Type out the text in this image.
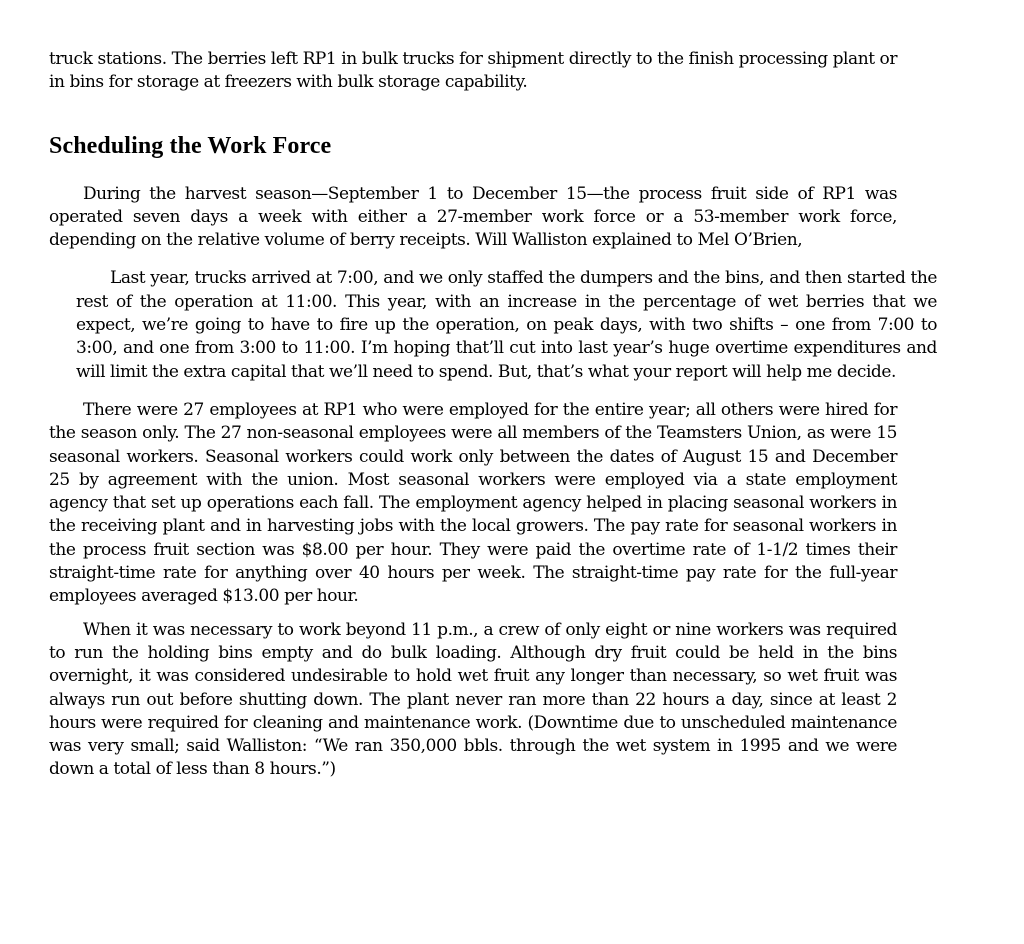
truck stations. The berries left RP1 in bulk trucks for shipment directly to the finish processing plant or in bins for storage at freezers with bulk storage capability.

Scheduling the Work Force

During the harvest season—September 1 to December 15—the process fruit side of RP1 was operated seven days a week with either a 27-member work force or a 53-member work force, depending on the relative volume of berry receipts. Will Walliston explained to Mel O’Brien,

Last year, trucks arrived at 7:00, and we only staffed the dumpers and the bins, and then started the rest of the operation at 11:00. This year, with an increase in the percentage of wet berries that we expect, we’re going to have to fire up the operation, on peak days, with two shifts – one from 7:00 to 3:00, and one from 3:00 to 11:00. I’m hoping that’ll cut into last year’s huge overtime expenditures and will limit the extra capital that we’ll need to spend. But, that’s what your report will help me decide.

There were 27 employees at RP1 who were employed for the entire year; all others were hired for the season only. The 27 non-seasonal employees were all members of the Teamsters Union, as were 15 seasonal workers. Seasonal workers could work only between the dates of August 15 and December 25 by agreement with the union. Most seasonal workers were employed via a state employment agency that set up operations each fall. The employment agency helped in placing seasonal workers in the receiving plant and in harvesting jobs with the local growers. The pay rate for seasonal workers in the process fruit section was $8.00 per hour. They were paid the overtime rate of 1-1/2 times their straight-time rate for anything over 40 hours per week. The straight-time pay rate for the full-year employees averaged $13.00 per hour.

When it was necessary to work beyond 11 p.m., a crew of only eight or nine workers was required to run the holding bins empty and do bulk loading. Although dry fruit could be held in the bins overnight, it was considered undesirable to hold wet fruit any longer than necessary, so wet fruit was always run out before shutting down. The plant never ran more than 22 hours a day, since at least 2 hours were required for cleaning and maintenance work. (Downtime due to unscheduled maintenance was very small; said Walliston: “We ran 350,000 bbls. through the wet system in 1995 and we were down a total of less than 8 hours.”)
